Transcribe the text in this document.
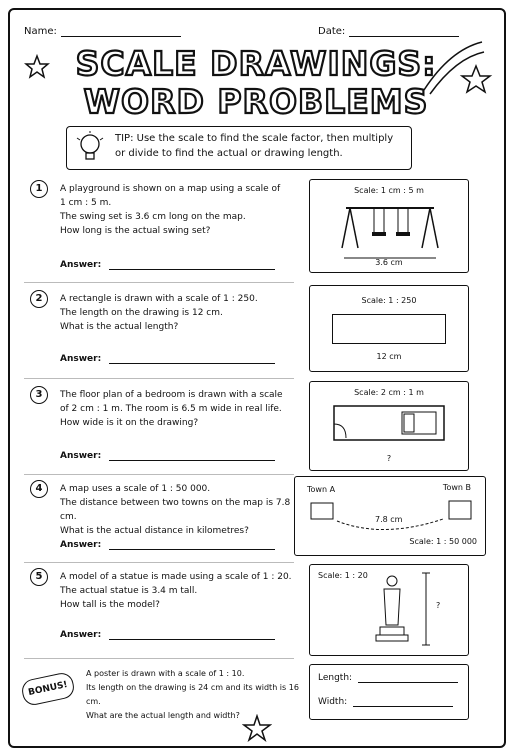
Name:	Date:
SCALE DRAWINGS:
WORD PROBLEMS
TIP: Use the scale to find the scale factor, then multiply or divide to find the actual or drawing length.
1	A playground is shown on a map using a scale of
1 cm : 5 m.
The swing set is 3.6 cm long on the map.
How long is the actual swing set?
Answer:
Scale: 1 cm : 5 m
3.6 cm
2	A rectangle is drawn with a scale of 1 : 250.
The length on the drawing is 12 cm.
What is the actual length?
Answer:
Scale: 1 : 250
12 cm
3	The floor plan of a bedroom is drawn with a scale
of 2 cm : 1 m. The room is 6.5 m wide in real life.
How wide is it on the drawing?
Answer:
Scale: 2 cm : 1 m
?
4	A map uses a scale of 1 : 50 000.
The distance between two towns on the map is 7.8 cm.
What is the actual distance in kilometres?
Answer:
Town A	Town B
7.8 cm
Scale: 1 : 50 000
5	A model of a statue is made using a scale of 1 : 20.
The actual statue is 3.4 m tall.
How tall is the model?
Answer:
Scale: 1 : 20
?
BONUS!
A poster is drawn with a scale of 1 : 10.
Its length on the drawing is 24 cm and its width is 16 cm.
What are the actual length and width?
Length:
Width:
